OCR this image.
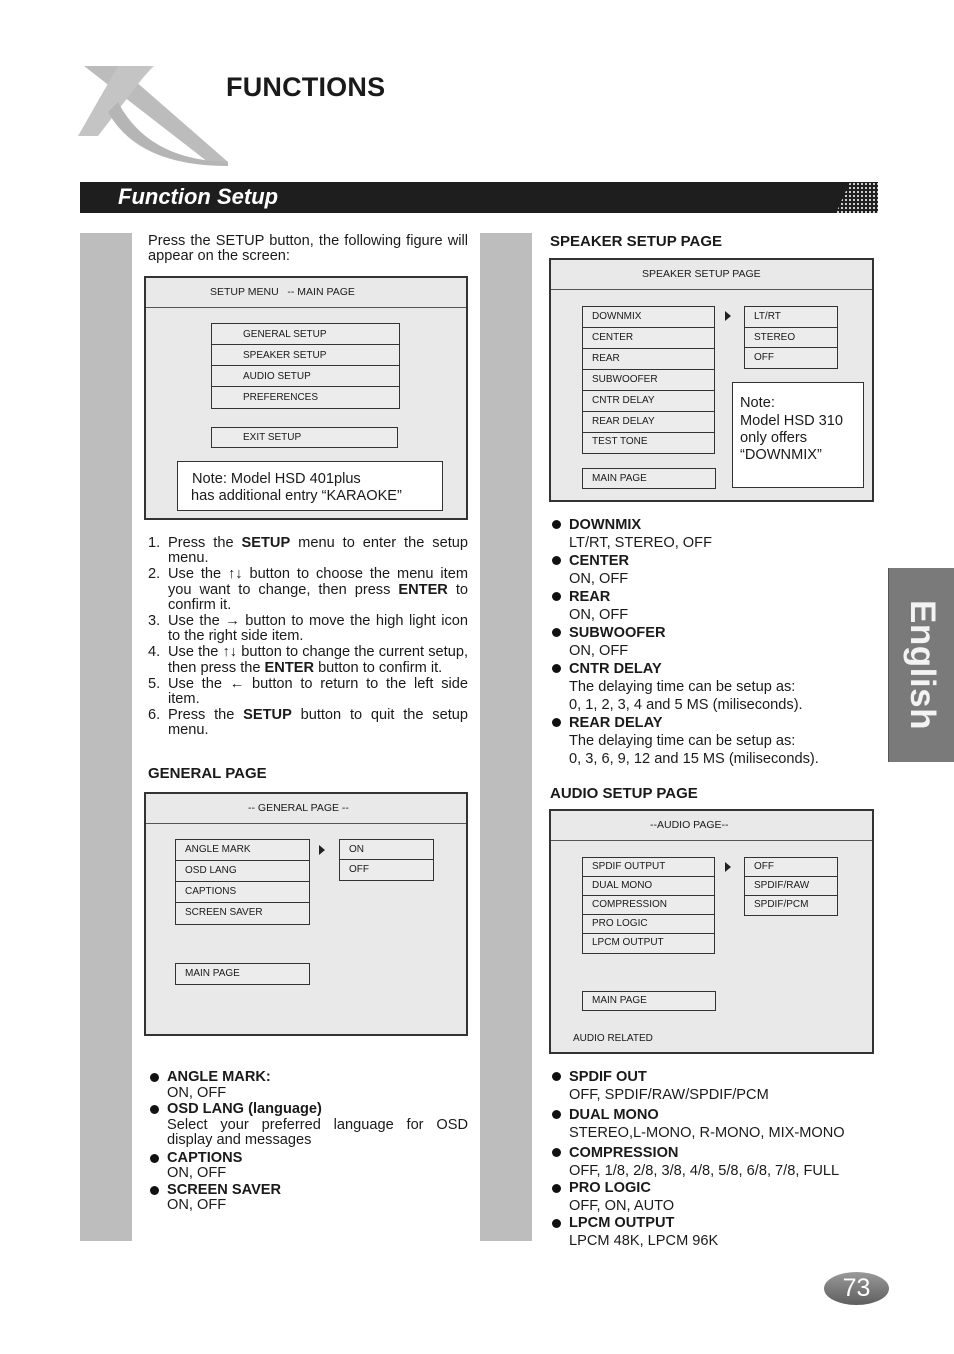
FUNCTIONS
Function Setup
Press the SETUP button, the following figure will appear on the screen:
SETUP MENU   -- MAIN PAGE
GENERAL SETUP
SPEAKER SETUP
AUDIO SETUP
PREFERENCES
EXIT SETUP
Note: Model HSD 401plus
has additional entry “KARAOKE”
1. Press the SETUP menu to enter the setup menu.
2. Use the ↑↓ button to choose the menu item you want to change, then press ENTER to confirm it.
3. Use the → button to move the high light icon to the right side item.
4. Use the ↑↓ button to change the current setup, then press the ENTER button to confirm it.
5. Use the ← button to return to the left side item.
6. Press the SETUP button to quit the setup menu.
GENERAL PAGE
-- GENERAL PAGE --
ANGLE MARK
OSD LANG
CAPTIONS
SCREEN SAVER
ON
OFF
MAIN PAGE
ANGLE MARK:
ON, OFF
OSD LANG (language)
Select your preferred language for OSD display and messages
CAPTIONS
ON, OFF
SCREEN SAVER
ON, OFF
SPEAKER SETUP PAGE
SPEAKER SETUP PAGE
DOWNMIX
CENTER
REAR
SUBWOOFER
CNTR DELAY
REAR DELAY
TEST TONE
LT/RT
STEREO
OFF
Note:
Model HSD 310
only offers
“DOWNMIX”
MAIN PAGE
DOWNMIX
LT/RT, STEREO, OFF
CENTER
ON, OFF
REAR
ON, OFF
SUBWOOFER
ON, OFF
CNTR DELAY
The delaying time can be setup as:
0, 1, 2, 3, 4 and 5 MS (miliseconds).
REAR DELAY
The delaying time can be setup as:
0, 3, 6, 9, 12 and 15 MS (miliseconds).
AUDIO SETUP PAGE
--AUDIO PAGE--
SPDIF OUTPUT
DUAL MONO
COMPRESSION
PRO LOGIC
LPCM OUTPUT
OFF
SPDIF/RAW
SPDIF/PCM
MAIN PAGE
AUDIO RELATED
SPDIF OUT
OFF, SPDIF/RAW/SPDIF/PCM
DUAL MONO
STEREO,L-MONO, R-MONO, MIX-MONO
COMPRESSION
OFF, 1/8, 2/8, 3/8, 4/8, 5/8, 6/8, 7/8, FULL
PRO LOGIC
OFF, ON, AUTO
LPCM OUTPUT
LPCM 48K, LPCM 96K
English
73
